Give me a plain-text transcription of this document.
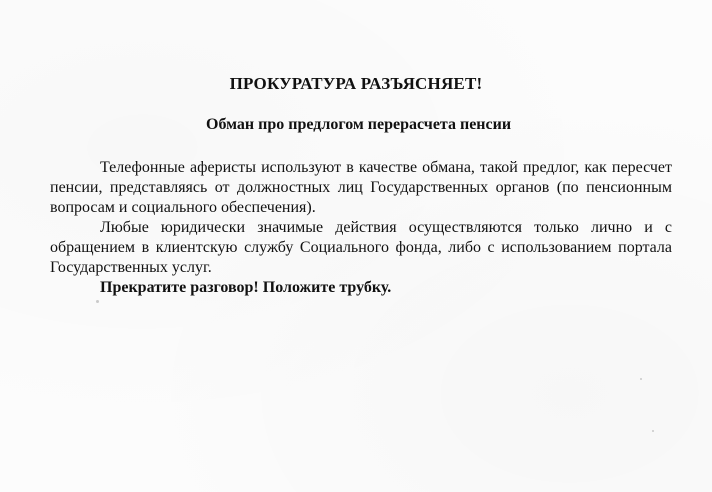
ПРОКУРАТУРА РАЗЪЯСНЯЕТ!
Обман про предлогом перерасчета пенсии

Телефонные аферисты используют в качестве обмана, такой предлог, как пересчет пенсии, представляясь от должностных лиц Государственных органов (по пенсионным вопросам и социального обеспечения).

Любые юридически значимые действия осуществляются только лично и с обращением в клиентскую службу Социального фонда, либо с использованием портала Государственных услуг.

Прекратите разговор! Положите трубку.
